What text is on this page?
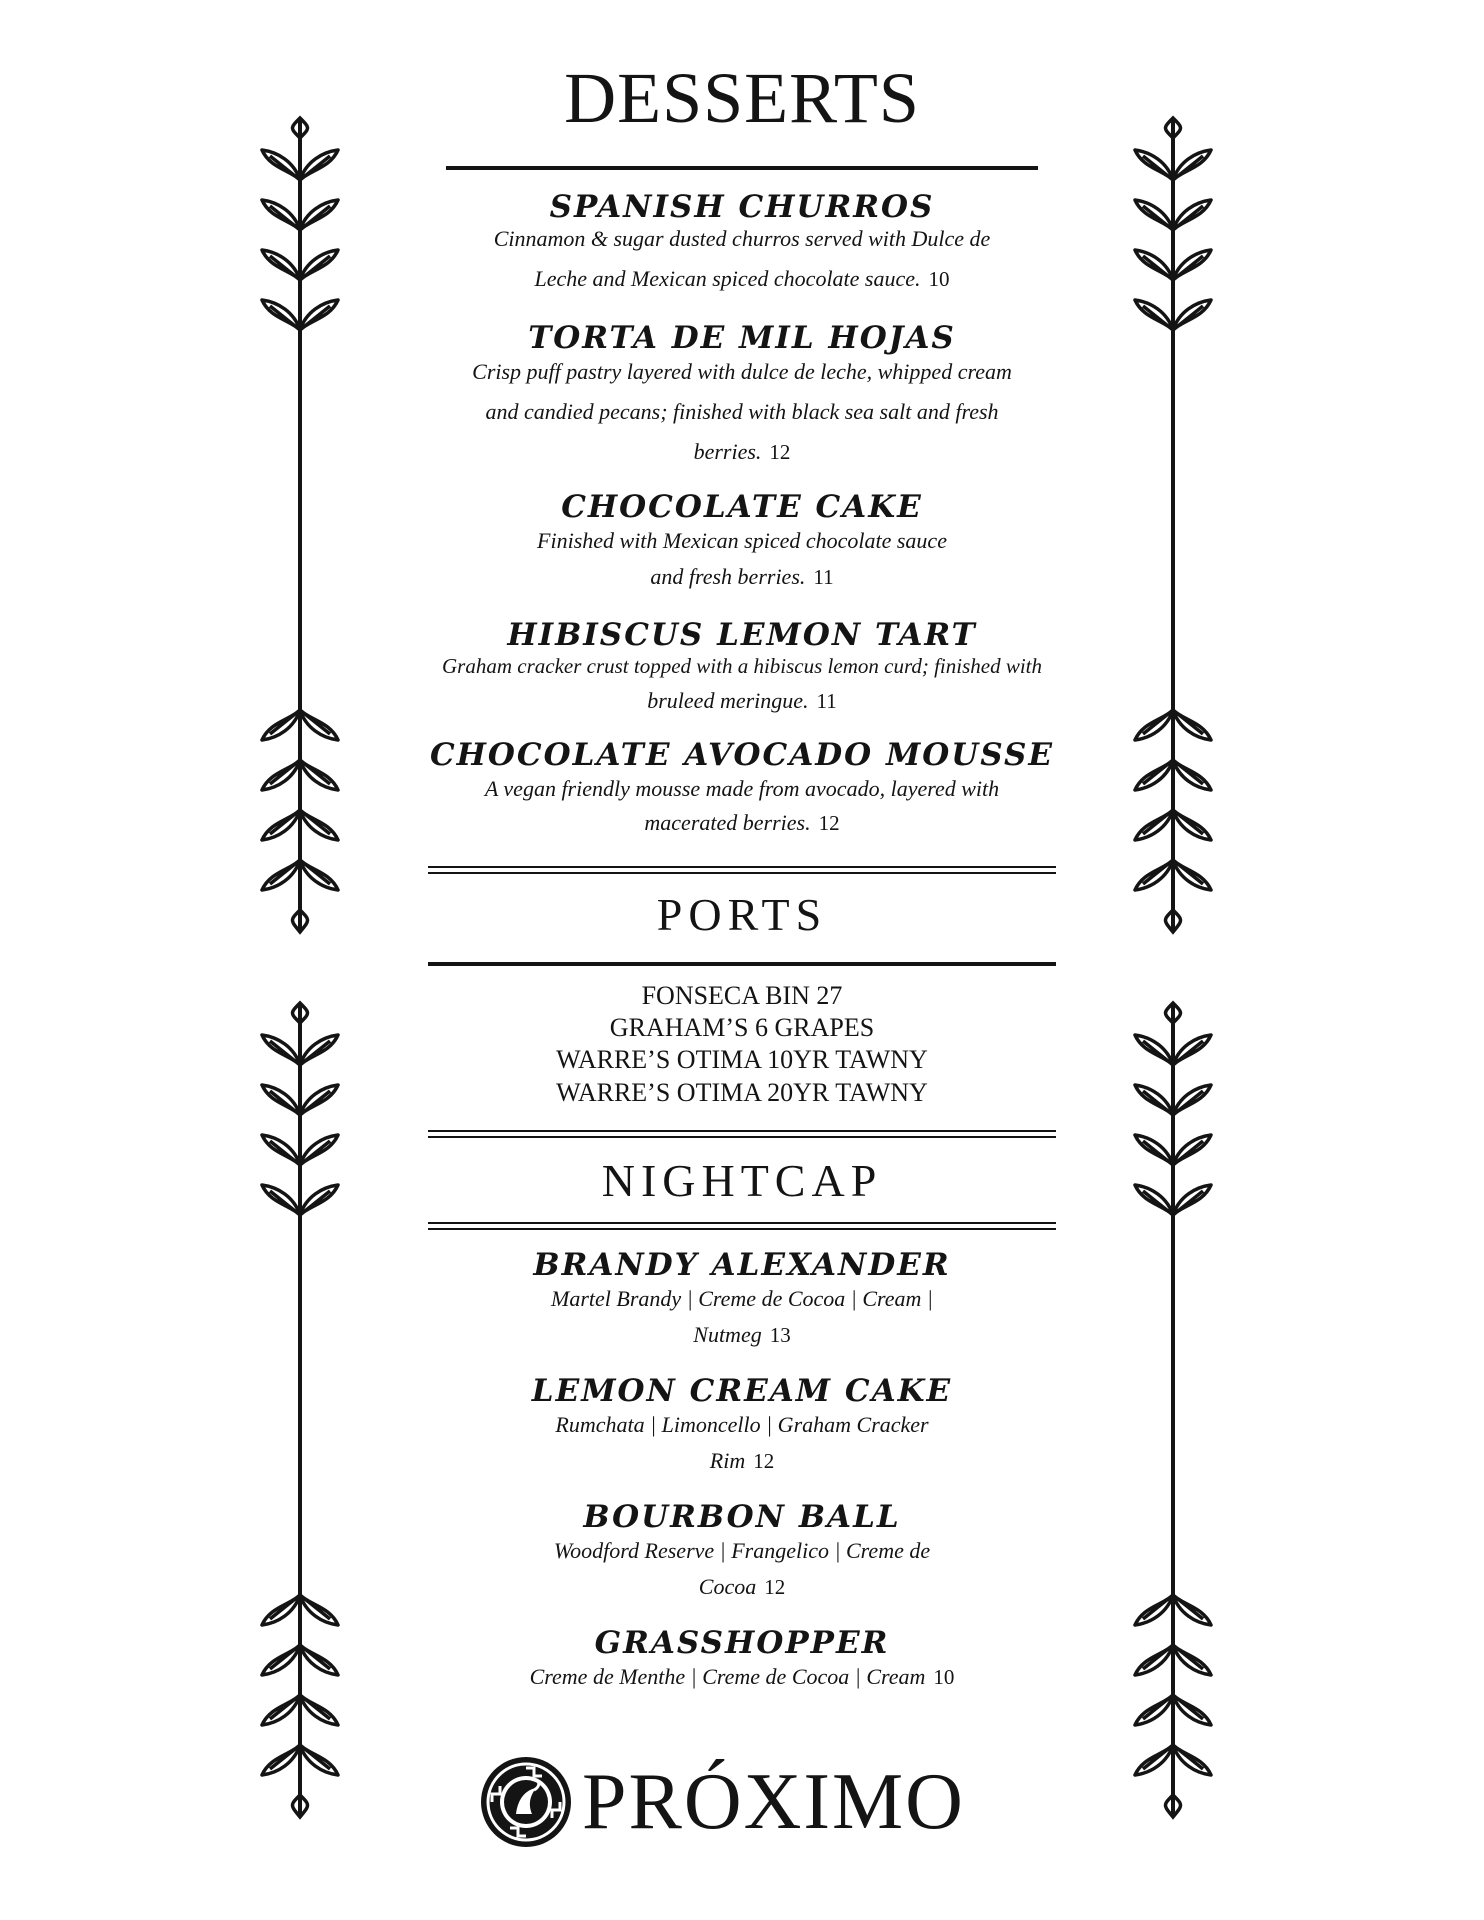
DESSERTS
SPANISH CHURROS
Cinnamon & sugar dusted churros served with Dulce de
Leche and Mexican spiced chocolate sauce. 10
TORTA DE MIL HOJAS
Crisp puff pastry layered with dulce de leche, whipped cream
and candied pecans; finished with black sea salt and fresh
berries. 12
CHOCOLATE CAKE
Finished with Mexican spiced chocolate sauce
and fresh berries. 11
HIBISCUS LEMON TART
Graham cracker crust topped with a hibiscus lemon curd; finished with
bruleed meringue. 11
CHOCOLATE AVOCADO MOUSSE
A vegan friendly mousse made from avocado, layered with
macerated berries. 12
PORTS
FONSECA BIN 27
GRAHAM’S 6 GRAPES
WARRE’S OTIMA 10YR TAWNY
WARRE’S OTIMA 20YR TAWNY
NIGHTCAP
BRANDY ALEXANDER
Martel Brandy | Creme de Cocoa | Cream |
Nutmeg 13
LEMON CREAM CAKE
Rumchata | Limoncello | Graham Cracker
Rim 12
BOURBON BALL
Woodford Reserve | Frangelico | Creme de
Cocoa 12
GRASSHOPPER
Creme de Menthe | Creme de Cocoa | Cream 10
PRÓXIMO
